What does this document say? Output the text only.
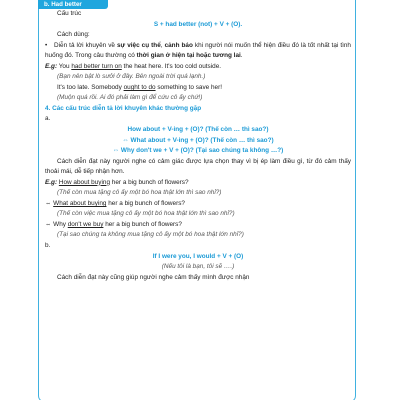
b. Had better
Cấu trúc
S + had better (not) + V + (O).
Cách dùng:
• Diễn tả lời khuyên về sự việc cụ thể, cảnh báo khi người nói muốn thể hiện điều đó là tốt nhất tại tình huống đó. Trong câu thường có thời gian ở hiện tại hoặc tương lai.
E.g: You had better turn on the heat here. It's too cold outside.
(Bạn nên bật lò sưởi ở đây. Bên ngoài trời quá lạnh.)
It's too late. Somebody ought to do something to save her!
(Muộn quá rồi. Ai đó phải làm gì để cứu cô ấy chứ!)
4. Các cấu trúc diễn tả lời khuyên khác thường gặp
a.
How about + V-ing + (O)? (Thế còn … thì sao?)
⇔ What about + V-ing + (O)? (Thế còn … thì sao?)
⇔ Why don't we + V + (O)? (Tại sao chúng ta không …?)
Cách diễn đạt này người nghe có cảm giác được lựa chọn thay vì bị ép làm điều gì, từ đó cảm thấy thoải mái, dễ tiếp nhận hơn.
E.g: How about buying her a big bunch of flowers?
(Thế còn mua tặng cô ấy một bó hoa thật lớn thì sao nhỉ?)
⇔ What about buying her a big bunch of flowers?
(Thế còn việc mua tặng cô ấy một bó hoa thật lớn thì sao nhỉ?)
⇔ Why don't we buy her a big bunch of flowers?
(Tại sao chúng ta không mua tặng cô ấy một bó hoa thật lớn nhỉ?)
b.
If I were you, I would + V + (O)
(Nếu tôi là bạn, tôi sẽ ….)
Cách diễn đạt này cũng giúp người nghe cảm thấy mình được nhận
